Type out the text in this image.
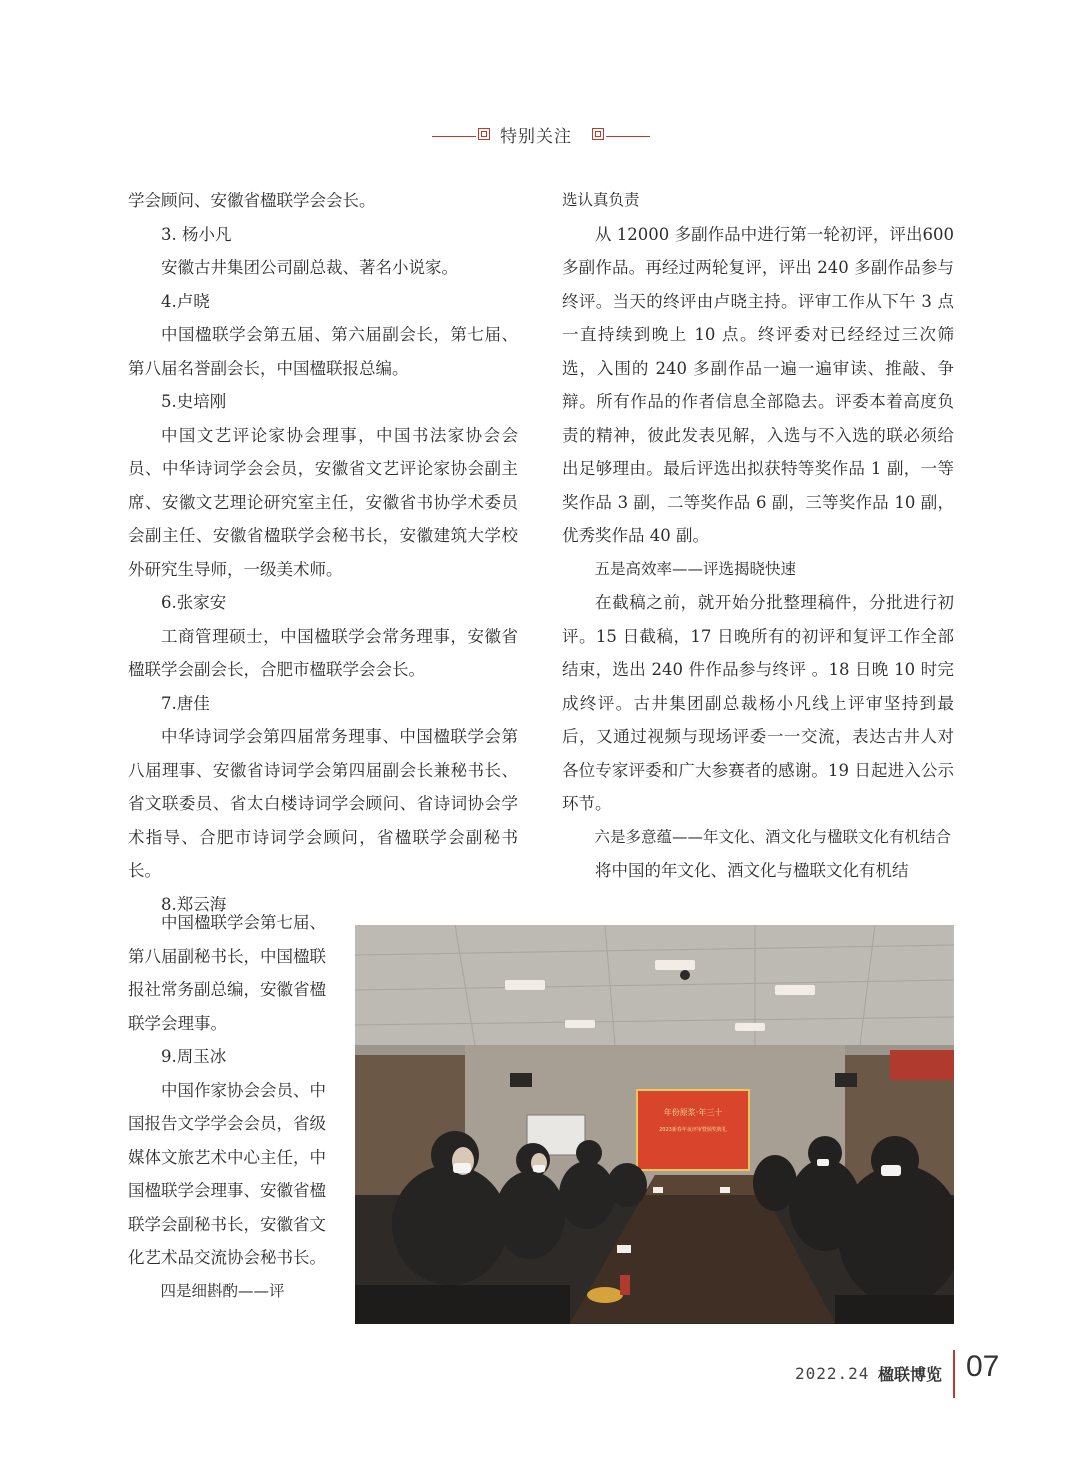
特别关注

学会顾问、安徽省楹联学会会长。

3. 杨小凡

安徽古井集团公司副总裁、著名小说家。

4.卢晓

中国楹联学会第五届、第六届副会长，第七届、第八届名誉副会长，中国楹联报总编。

5.史培刚

中国文艺评论家协会理事，中国书法家协会会员、中华诗词学会会员，安徽省文艺评论家协会副主席、安徽文艺理论研究室主任，安徽省书协学术委员会副主任、安徽省楹联学会秘书长，安徽建筑大学校外研究生导师，一级美术师。

6.张家安

工商管理硕士，中国楹联学会常务理事，安徽省楹联学会副会长，合肥市楹联学会会长。

7.唐佳

中华诗词学会第四届常务理事、中国楹联学会第八届理事、安徽省诗词学会第四届副会长兼秘书长、省文联委员、省太白楼诗词学会顾问、省诗词协会学术指导、合肥市诗词学会顾问，省楹联学会副秘书长。

8.郑云海

选认真负责

从 12000 多副作品中进行第一轮初评，评出600 多副作品。再经过两轮复评，评出 240 多副作品参与终评。当天的终评由卢晓主持。评审工作从下午 3 点一直持续到晚上 10 点。终评委对已经经过三次筛选，入围的 240 多副作品一遍一遍审读、推敲、争辩。所有作品的作者信息全部隐去。评委本着高度负责的精神，彼此发表见解，入选与不入选的联必须给出足够理由。最后评选出拟获特等奖作品 1 副，一等奖作品 3 副，二等奖作品 6 副，三等奖作品 10 副，优秀奖作品 40 副。

五是高效率——评选揭晓快速

在截稿之前，就开始分批整理稿件，分批进行初评。15 日截稿，17 日晚所有的初评和复评工作全部结束，选出 240 件作品参与终评 。18 日晚 10 时完成终评。古井集团副总裁杨小凡线上评审坚持到最后，又通过视频与现场评委一一交流，表达古井人对各位专家评委和广大参赛者的感谢。19 日起进入公示环节。

六是多意蕴——年文化、酒文化与楹联文化有机结合

将中国的年文化、酒文化与楹联文化有机结

中国楹联学会第七届、第八届副秘书长，中国楹联报社常务副总编，安徽省楹联学会理事。

9.周玉冰

中国作家协会会员、中国报告文学学会会员，省级媒体文旅艺术中心主任，中国楹联学会理事、安徽省楹联学会副秘书长，安徽省文化艺术品交流协会秘书长。

四是细斟酌——评

年份原浆·年三十
2023新春年夜评审暨颁奖典礼
2022.24 楹联博览 07
